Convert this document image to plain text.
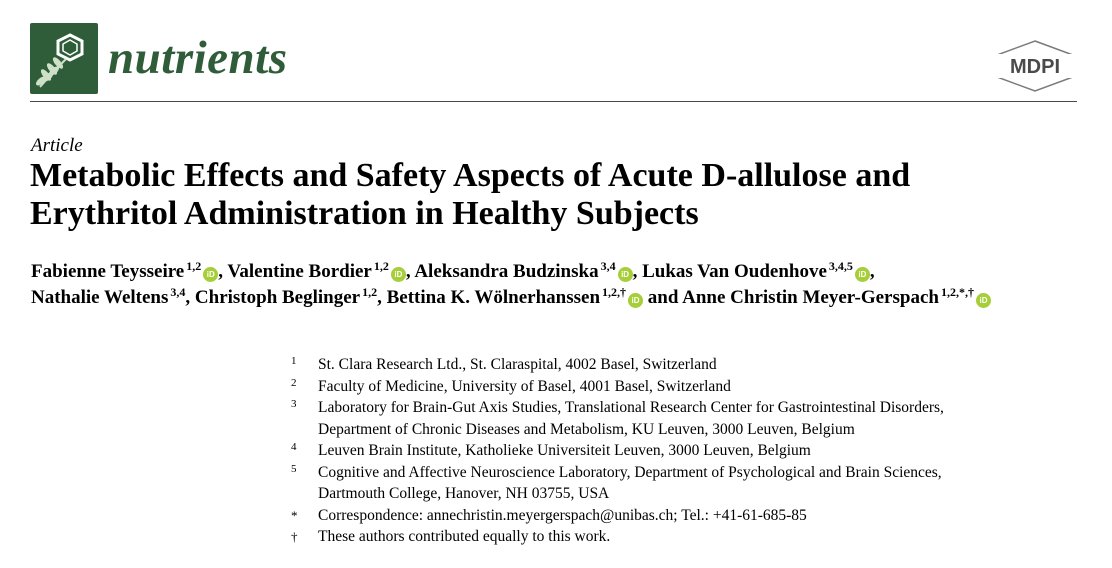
nutrients	MDPI
Article
Metabolic Effects and Safety Aspects of Acute D-allulose and
Erythritol Administration in Healthy Subjects
Fabienne Teysseire $^{1,2}$iD , Valentine Bordier $^{1,2}$iD , Aleksandra Budzinska $^{3,4}$iD , Lukas Van Oudenhove $^{3,4,5}$iD ,
Nathalie Weltens $^{3,4}$, Christoph Beglinger $^{1,2}$, Bettina K. Wölnerhanssen $^{1,2,\dagger}$iD and Anne Christin Meyer-Gerspach $^{1,2,*,\dagger}$iD
1 St. Clara Research Ltd., St. Claraspital, 4002 Basel, Switzerland
2 Faculty of Medicine, University of Basel, 4001 Basel, Switzerland
3 Laboratory for Brain-Gut Axis Studies, Translational Research Center for Gastrointestinal Disorders,
Department of Chronic Diseases and Metabolism, KU Leuven, 3000 Leuven, Belgium
4 Leuven Brain Institute, Katholieke Universiteit Leuven, 3000 Leuven, Belgium
5 Cognitive and Affective Neuroscience Laboratory, Department of Psychological and Brain Sciences,
Dartmouth College, Hanover, NH 03755, USA
* Correspondence: annechristin.meyergerspach@unibas.ch; Tel.: +41-61-685-85
† These authors contributed equally to this work.
